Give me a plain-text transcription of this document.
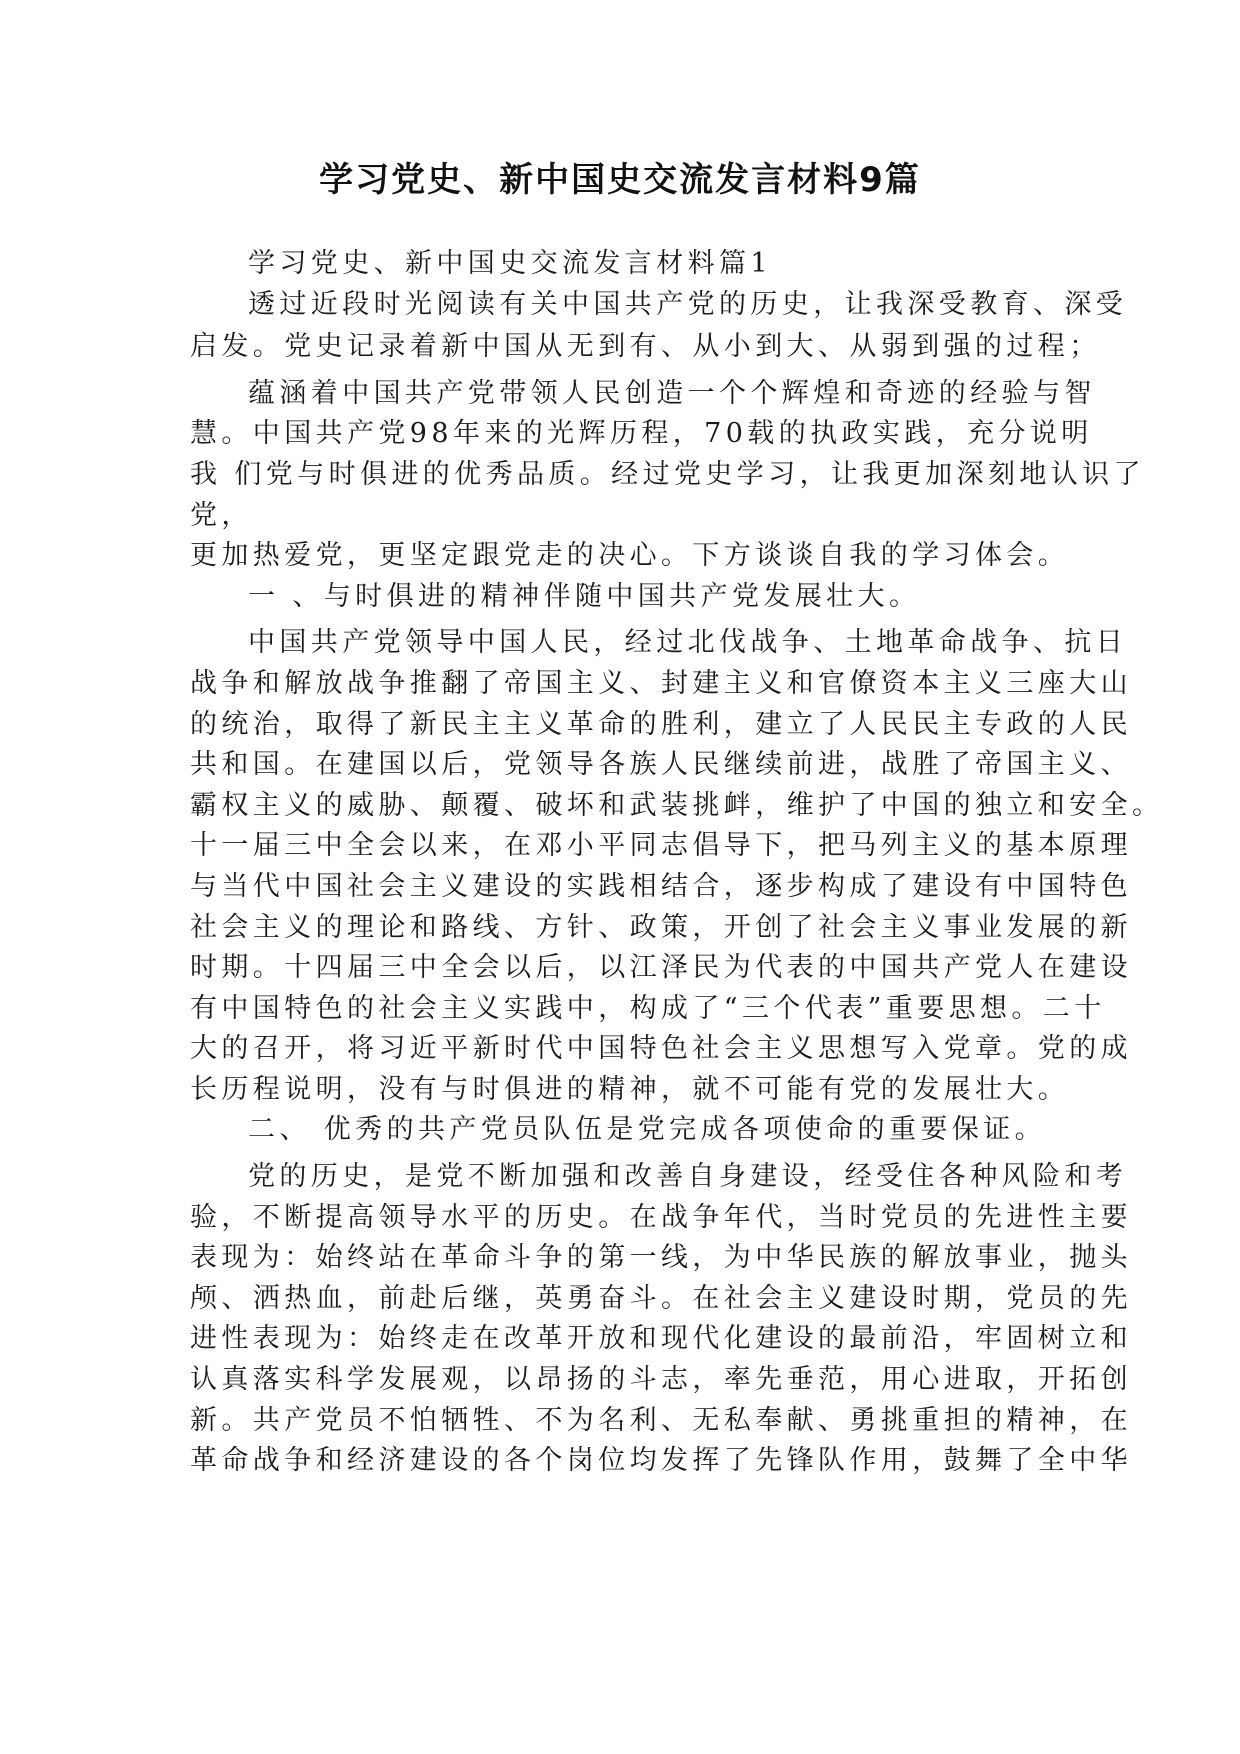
学习党史、新中国史交流发言材料9篇

学习党史、新中国史交流发言材料篇1

透过近段时光阅读有关中国共产党的历史，让我深受教育、深受

启发。党史记录着新中国从无到有、从小到大、从弱到强的过程；

蕴涵着中国共产党带领人民创造一个个辉煌和奇迹的经验与智

慧。中国共产党98年来的光辉历程，70载的执政实践，充分说明

我 们党与时俱进的优秀品质。经过党史学习，让我更加深刻地认识了

党，

更加热爱党，更坚定跟党走的决心。下方谈谈自我的学习体会。

一 、与时俱进的精神伴随中国共产党发展壮大。

中国共产党领导中国人民，经过北伐战争、土地革命战争、抗日

战争和解放战争推翻了帝国主义、封建主义和官僚资本主义三座大山

的统治，取得了新民主主义革命的胜利，建立了人民民主专政的人民

共和国。在建国以后，党领导各族人民继续前进，战胜了帝国主义、

霸权主义的威胁、颠覆、破坏和武装挑衅，维护了中国的独立和安全。

十一届三中全会以来，在邓小平同志倡导下，把马列主义的基本原理

与当代中国社会主义建设的实践相结合，逐步构成了建设有中国特色

社会主义的理论和路线、方针、政策，开创了社会主义事业发展的新

时期。十四届三中全会以后，以江泽民为代表的中国共产党人在建设

有中国特色的社会主义实践中，构成了“三个代表”重要思想。二十

大的召开，将习近平新时代中国特色社会主义思想写入党章。党的成

长历程说明，没有与时俱进的精神，就不可能有党的发展壮大。

二、 优秀的共产党员队伍是党完成各项使命的重要保证。

党的历史，是党不断加强和改善自身建设，经受住各种风险和考

验，不断提高领导水平的历史。在战争年代，当时党员的先进性主要

表现为：始终站在革命斗争的第一线，为中华民族的解放事业，抛头

颅、洒热血，前赴后继，英勇奋斗。在社会主义建设时期，党员的先

进性表现为：始终走在改革开放和现代化建设的最前沿，牢固树立和

认真落实科学发展观，以昂扬的斗志，率先垂范，用心进取，开拓创

新。共产党员不怕牺牲、不为名利、无私奉献、勇挑重担的精神，在

革命战争和经济建设的各个岗位均发挥了先锋队作用，鼓舞了全中华
